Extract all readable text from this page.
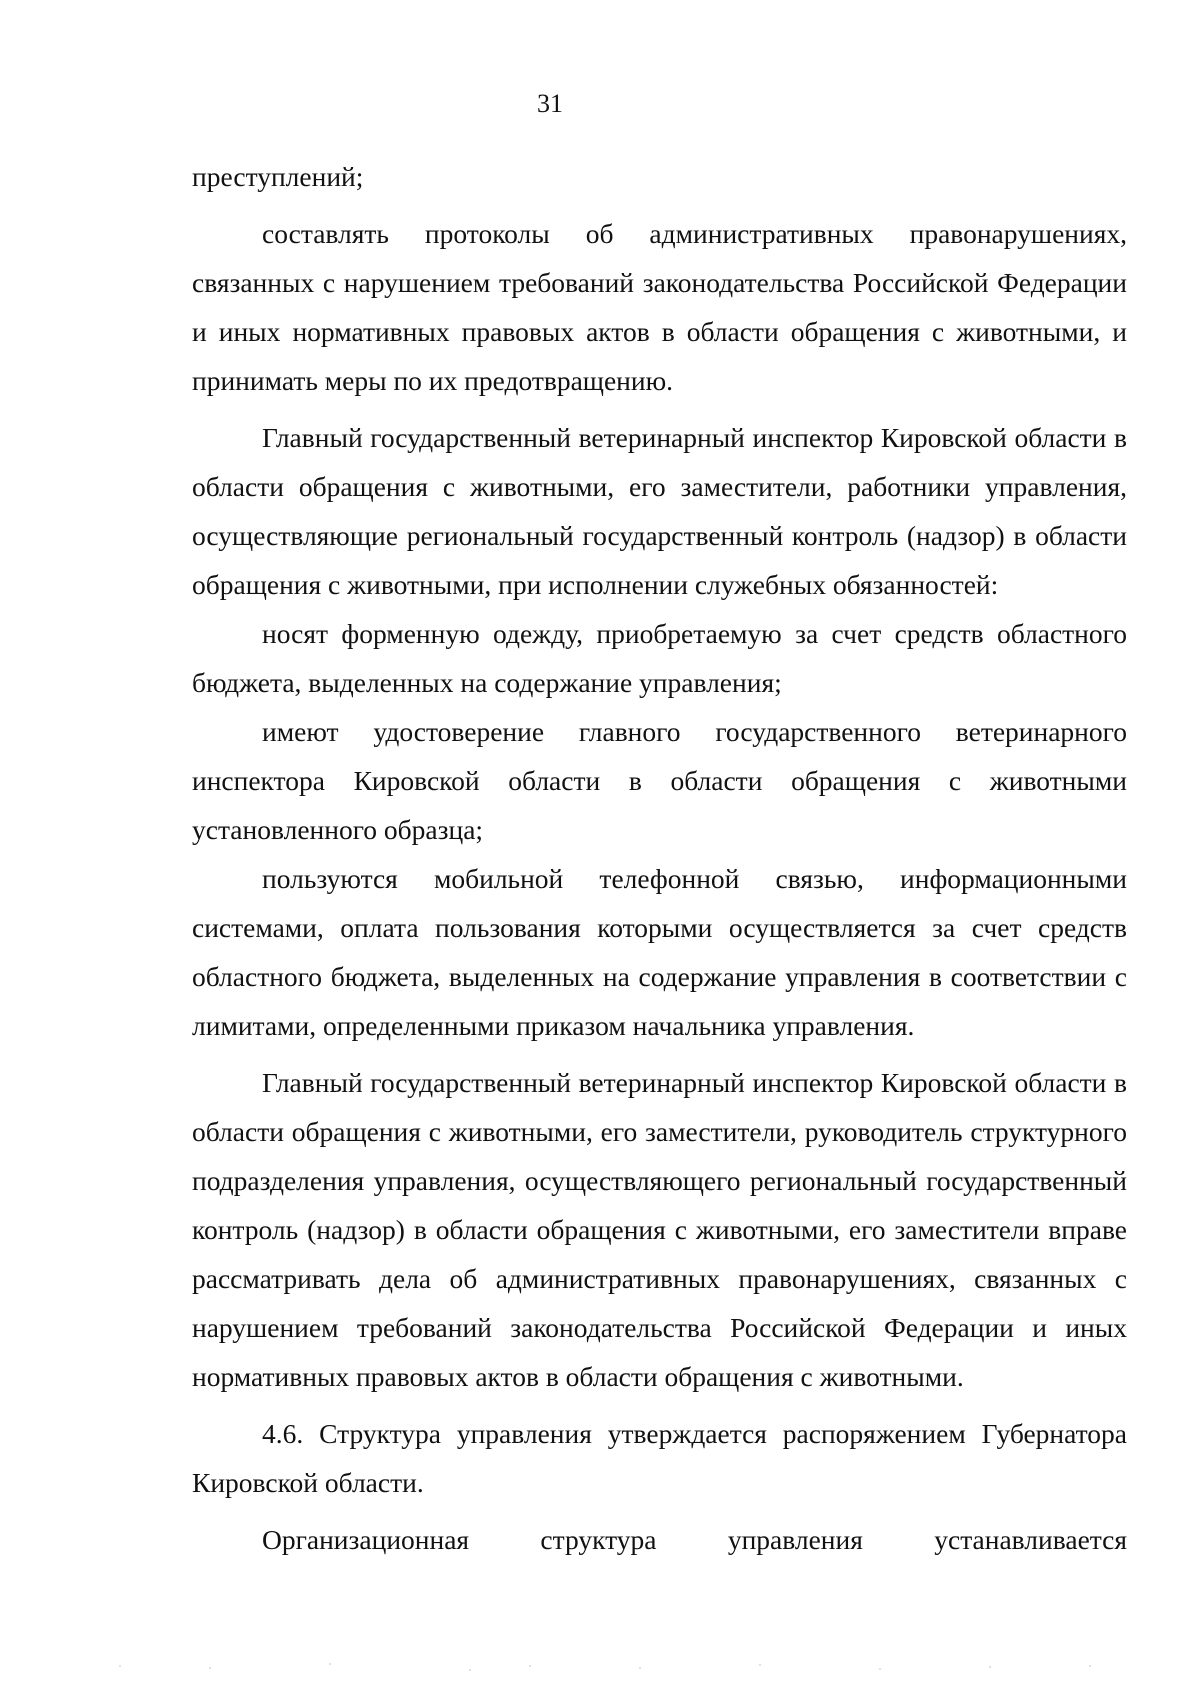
31

преступлений;

составлять протоколы об административных правонарушениях, связанных с нарушением требований законодательства Российской Федерации и иных нормативных правовых актов в области обращения с животными, и принимать меры по их предотвращению.

Главный государственный ветеринарный инспектор Кировской области в области обращения с животными, его заместители, работники управления, осуществляющие региональный государственный контроль (надзор) в области обращения с животными, при исполнении служебных обязанностей:

носят форменную одежду, приобретаемую за счет средств областного бюджета, выделенных на содержание управления;

имеют удостоверение главного государственного ветеринарного инспектора Кировской области в области обращения с животными установленного образца;

пользуются мобильной телефонной связью, информационными системами, оплата пользования которыми осуществляется за счет средств областного бюджета, выделенных на содержание управления в соответствии с лимитами, определенными приказом начальника управления.

Главный государственный ветеринарный инспектор Кировской области в области обращения с животными, его заместители, руководитель структурного подразделения управления, осуществляющего региональный государственный контроль (надзор) в области обращения с животными, его заместители вправе рассматривать дела об административных правонарушениях, связанных с нарушением требований законодательства Российской Федерации и иных нормативных правовых актов в области обращения с животными.

4.6. Структура управления утверждается распоряжением Губернатора Кировской области.

Организационная структура управления устанавливается
